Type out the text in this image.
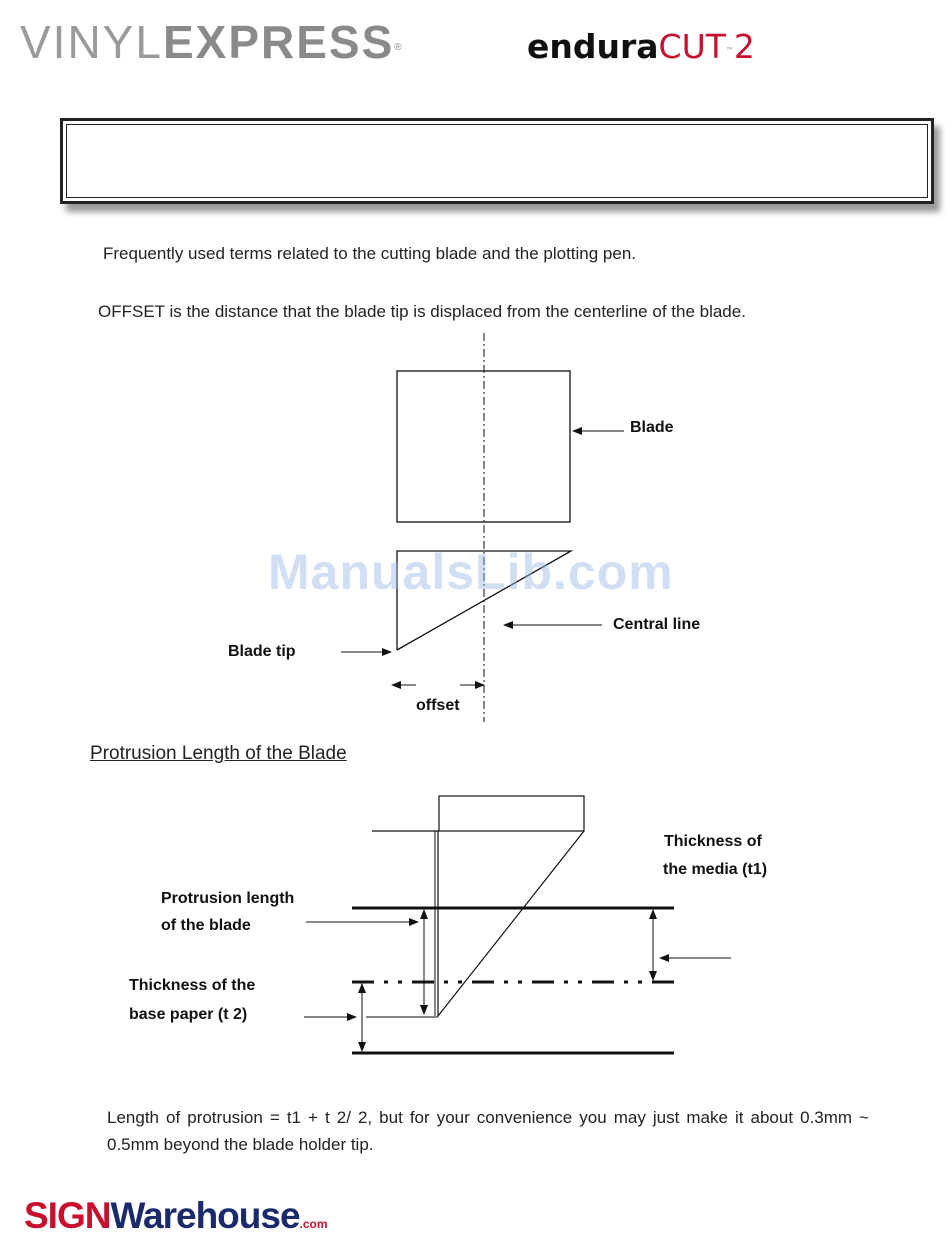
VINYLEXPRESS®	enduraCUT™2
Frequently used terms related to the cutting blade and the plotting pen.
OFFSET is the distance that the blade tip is displaced from the centerline of the blade.
Blade
Central line
Blade tip
offset
ManualsLib.com
Protrusion Length of the Blade
Protrusion length
of the blade
Thickness of
the media (t1)
Thickness of the
base paper (t 2)
Length of protrusion = t1 + t 2/ 2, but for your convenience you may just make it about 0.3mm ~ 0.5mm beyond the blade holder tip.
SIGNWarehouse$^{.com}$
